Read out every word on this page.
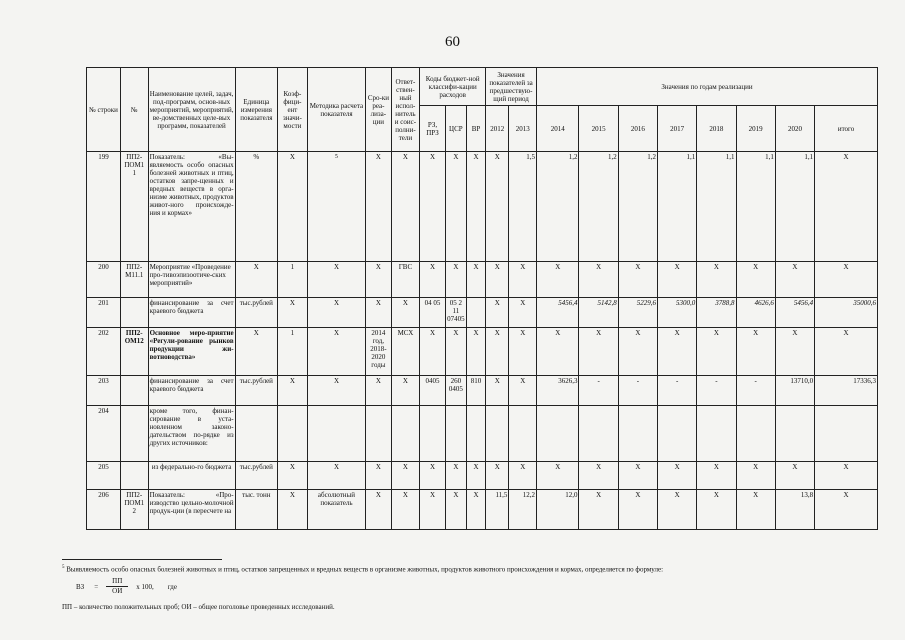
60
№ строки	№	Наименование целей, задач, под-программ, основ-ных мероприятий, мероприятий, ве-домственных целе-вых программ, показателей	Единица измерения показателя	Коэф-фици-ент значи-мости	Методика расчета показателя	Сро-ки реа-лиза-ции	Ответ-ствен-ный испол-нитель и соис-полни-тели	Коды бюджет-ной классифи-кации расходов			Значения показателей за предшествую-щий период		Значения по годам реализации							
								РЗ, ПРЗ	ЦСР	ВР	2012	2013	2014	2015	2016	2017	2018	2019	2020	итого
199	ПП2-ПОМ1 1	Показатель: «Вы-являемость особо опасных болезней животных и птиц, остатков запре-щенных и вредных веществ в орга-низме животных, продуктов живот-ного происхожде-ния и кормах»	%	Х	$^5$	Х	Х	Х	Х	Х	Х	1,5	1,2	1,2	1,2	1,1	1,1	1,1	1,1	Х
200	ПП2-М11.1	Мероприятие «Проведение про-тивоэпизоотиче-ских мероприятий»	Х	1	Х	Х	ГВС	Х	Х	Х	Х	Х	Х	Х	Х	Х	Х	Х	Х	Х
201		финансирование за счет краевого бюджета	тыс.рублей	Х	Х	Х	Х	04 05	05 2 11 07405		Х	Х	5456,4	5142,8	5229,6	5300,0	3788,8	4626,6	5456,4	35000,6
202	ПП2-ОМ12	Основное меро-приятие «Регули-рование рынков продукции жи-вотноводства»	Х	1	Х	2014 год, 2018-2020 годы	МСХ	Х	Х	Х	Х	Х	Х	Х	Х	Х	Х	Х	Х	Х
203		финансирование за счет краевого бюджета	тыс.рублей	Х	Х	Х	Х	0405	260 0405	810	Х	Х	3626,3	-	-	-	-	-	13710,0	17336,3
204		кроме того, финан-сирование в уста-новленном законо-дательством по-рядке из других источников:																		
205		из федерально-го бюджета	тыс.рублей	Х	Х	Х	Х	Х	Х	Х	Х	Х	Х	Х	Х	Х	Х	Х	Х	Х
206	ПП2-ПОМ1 2	Показатель: «Про-изводство цельно-молочной продук-ции (в пересчете на	тыс. тонн	Х	абсолютный показатель	Х	Х	Х	Х	Х	11,5	12,2	12,0	Х	Х	Х	Х	Х	13,8	Х
$^5$ Выявляемость особо опасных болезней животных и птиц, остатков запрещенных и вредных веществ в организме животных, продуктов животного происхождения и кормах, определяется по формуле:
ВЗ = $\frac{ПП}{ОИ}$ х 100, где
ПП – количество положительных проб; ОИ – общее поголовье проведенных исследований.
